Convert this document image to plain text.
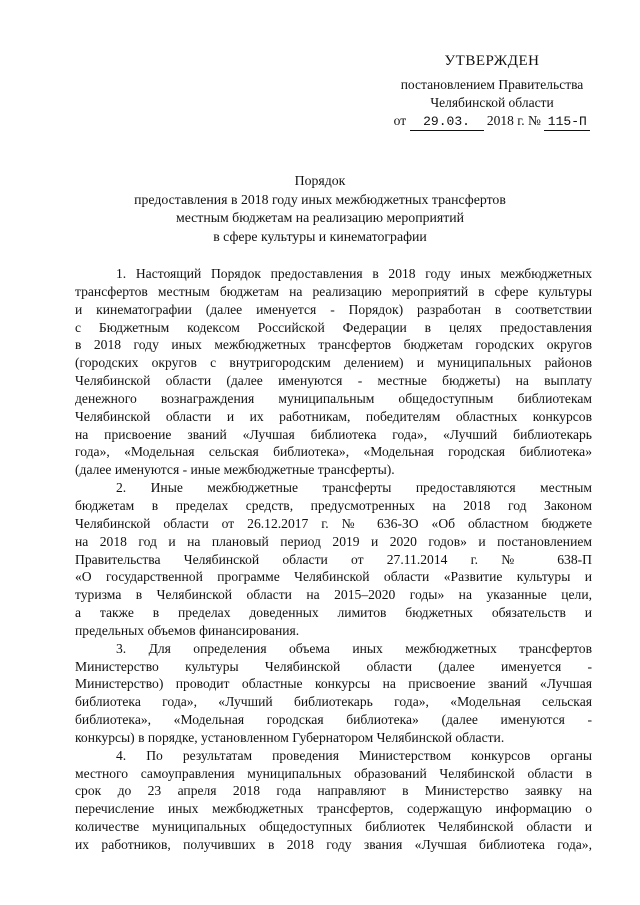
УТВЕРЖДЕН
постановлением Правительства
Челябинской области
от 29.03. 2018 г. № 115-П
Порядок
предоставления в 2018 году иных межбюджетных трансфертов
местным бюджетам на реализацию мероприятий
в сфере культуры и кинематографии
1. Настоящий Порядок предоставления в 2018 году иных межбюджетных
трансфертов местным бюджетам на реализацию мероприятий в сфере культуры
и кинематографии (далее именуется - Порядок) разработан в соответствии
с Бюджетным кодексом Российской Федерации в целях предоставления
в 2018 году иных межбюджетных трансфертов бюджетам городских округов
(городских округов с внутригородским делением) и муниципальных районов
Челябинской области (далее именуются - местные бюджеты) на выплату
денежного вознаграждения муниципальным общедоступным библиотекам
Челябинской области и их работникам, победителям областных конкурсов
на присвоение званий «Лучшая библиотека года», «Лучший библиотекарь
года», «Модельная сельская библиотека», «Модельная городская библиотека»
(далее именуются - иные межбюджетные трансферты).
2. Иные межбюджетные трансферты предоставляются местным
бюджетам в пределах средств, предусмотренных на 2018 год Законом
Челябинской области от 26.12.2017 г. № 636-ЗО «Об областном бюджете
на 2018 год и на плановый период 2019 и 2020 годов» и постановлением
Правительства Челябинской области от 27.11.2014 г. № 638-П
«О государственной программе Челябинской области «Развитие культуры и
туризма в Челябинской области на 2015–2020 годы» на указанные цели,
а также в пределах доведенных лимитов бюджетных обязательств и
предельных объемов финансирования.
3. Для определения объема иных межбюджетных трансфертов
Министерство культуры Челябинской области (далее именуется -
Министерство) проводит областные конкурсы на присвоение званий «Лучшая
библиотека года», «Лучший библиотекарь года», «Модельная сельская
библиотека», «Модельная городская библиотека» (далее именуются -
конкурсы) в порядке, установленном Губернатором Челябинской области.
4. По результатам проведения Министерством конкурсов органы
местного самоуправления муниципальных образований Челябинской области в
срок до 23 апреля 2018 года направляют в Министерство заявку на
перечисление иных межбюджетных трансфертов, содержащую информацию о
количестве муниципальных общедоступных библиотек Челябинской области и
их работников, получивших в 2018 году звания «Лучшая библиотека года»,
